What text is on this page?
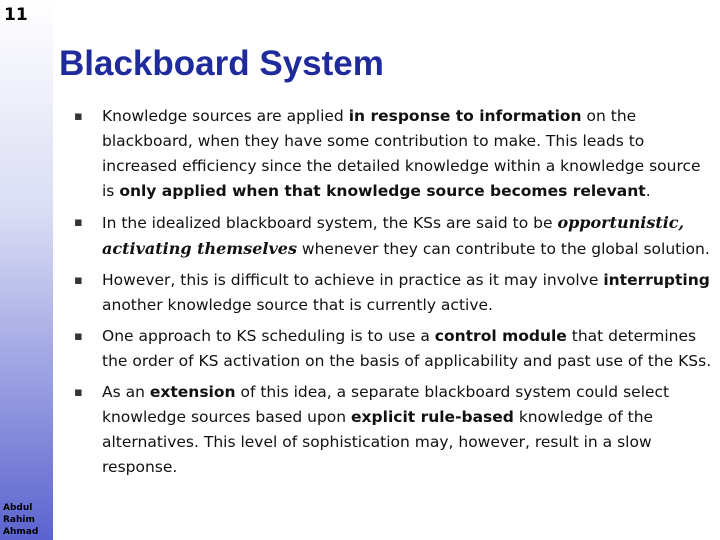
11
Abdul
Rahim
Ahmad
Blackboard System
▪ Knowledge sources are applied in response to information on the blackboard, when they have some contribution to make. This leads to increased efficiency since the detailed knowledge within a knowledge source is only applied when that knowledge source becomes relevant.
▪ In the idealized blackboard system, the KSs are said to be opportunistic, activating themselves whenever they can contribute to the global solution.
▪ However, this is difficult to achieve in practice as it may involve interrupting another knowledge source that is currently active.
▪ One approach to KS scheduling is to use a control module that determines the order of KS activation on the basis of applicability and past use of the KSs.
▪ As an extension of this idea, a separate blackboard system could select knowledge sources based upon explicit rule-based knowledge of the alternatives. This level of sophistication may, however, result in a slow response.
